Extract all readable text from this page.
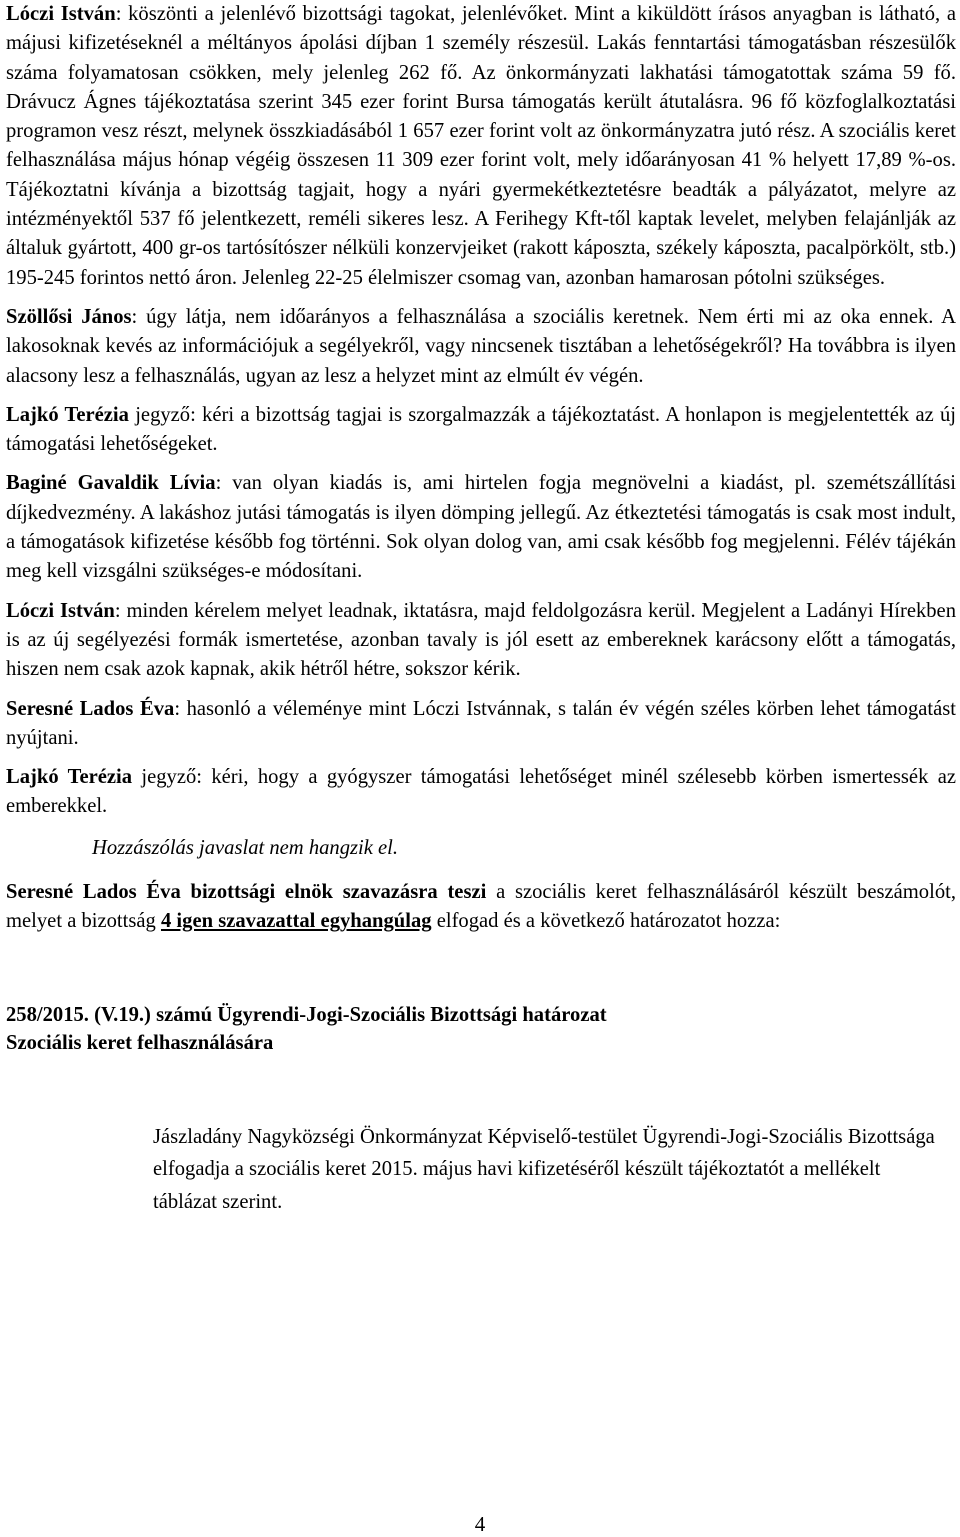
Lóczi István: köszönti a jelenlévő bizottsági tagokat, jelenlévőket. Mint a kiküldött írásos anyagban is látható, a májusi kifizetéseknél a méltányos ápolási díjban 1 személy részesül. Lakás fenntartási támogatásban részesülők száma folyamatosan csökken, mely jelenleg 262 fő. Az önkormányzati lakhatási támogatottak száma 59 fő. Drávucz Ágnes tájékoztatása szerint 345 ezer forint Bursa támogatás került átutalásra. 96 fő közfoglalkoztatási programon vesz részt, melynek összkiadásából 1 657 ezer forint volt az önkormányzatra jutó rész. A szociális keret felhasználása május hónap végéig összesen 11 309 ezer forint volt, mely időarányosan 41 % helyett 17,89 %-os. Tájékoztatni kívánja a bizottság tagjait, hogy a nyári gyermekétkeztetésre beadták a pályázatot, melyre az intézményektől 537 fő jelentkezett, reméli sikeres lesz. A Ferihegy Kft-től kaptak levelet, melyben felajánlják az általuk gyártott, 400 gr-os tartósítószer nélküli konzervjeiket (rakott káposzta, székely káposzta, pacalpörkölt, stb.) 195-245 forintos nettó áron. Jelenleg 22-25 élelmiszer csomag van, azonban hamarosan pótolni szükséges.

Szöllősi János: úgy látja, nem időarányos a felhasználása a szociális keretnek. Nem érti mi az oka ennek. A lakosoknak kevés az információjuk a segélyekről, vagy nincsenek tisztában a lehetőségekről? Ha továbbra is ilyen alacsony lesz a felhasználás, ugyan az lesz a helyzet mint az elmúlt év végén.

Lajkó Terézia jegyző: kéri a bizottság tagjai is szorgalmazzák a tájékoztatást. A honlapon is megjelentették az új támogatási lehetőségeket.

Baginé Gavaldik Lívia: van olyan kiadás is, ami hirtelen fogja megnövelni a kiadást, pl. szemétszállítási díjkedvezmény. A lakáshoz jutási támogatás is ilyen dömping jellegű. Az étkeztetési támogatás is csak most indult, a támogatások kifizetése később fog történni. Sok olyan dolog van, ami csak később fog megjelenni. Félév tájékán meg kell vizsgálni szükséges-e módosítani.

Lóczi István: minden kérelem melyet leadnak, iktatásra, majd feldolgozásra kerül. Megjelent a Ladányi Hírekben is az új segélyezési formák ismertetése, azonban tavaly is jól esett az embereknek karácsony előtt a támogatás, hiszen nem csak azok kapnak, akik hétről hétre, sokszor kérik.

Seresné Lados Éva: hasonló a véleménye mint Lóczi Istvánnak, s talán év végén széles körben lehet támogatást nyújtani.

Lajkó Terézia jegyző: kéri, hogy a gyógyszer támogatási lehetőséget minél szélesebb körben ismertessék az emberekkel.

Hozzászólás javaslat nem hangzik el.

Seresné Lados Éva bizottsági elnök szavazásra teszi a szociális keret felhasználásáról készült beszámolót, melyet a bizottság 4 igen szavazattal egyhangúlag elfogad és a következő határozatot hozza:

258/2015. (V.19.) számú Ügyrendi-Jogi-Szociális Bizottsági határozat
Szociális keret felhasználására

Jászladány Nagyközségi Önkormányzat Képviselő-testület Ügyrendi-Jogi-Szociális Bizottsága elfogadja a szociális keret 2015. május havi kifizetéséről készült tájékoztatót a mellékelt táblázat szerint.

4
